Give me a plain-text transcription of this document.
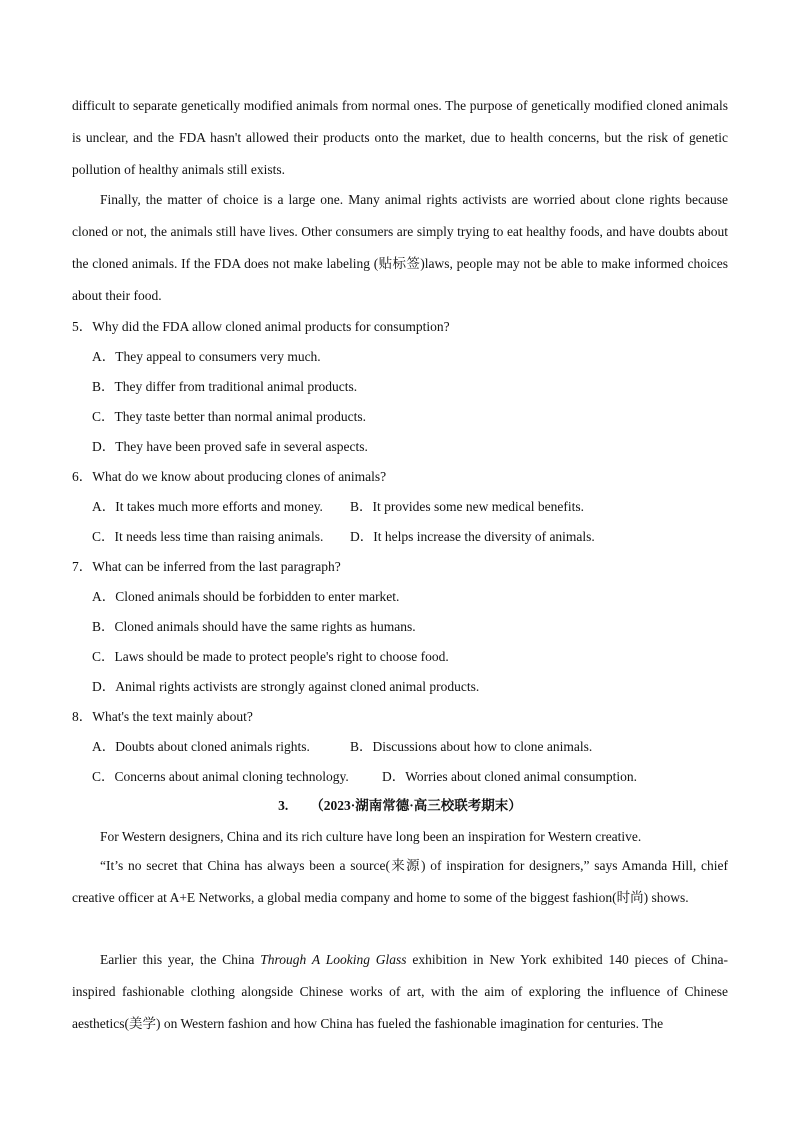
difficult to separate genetically modified animals from normal ones. The purpose of genetically modified cloned animals is unclear, and the FDA hasn't allowed their products onto the market, due to health concerns, but the risk of genetic pollution of healthy animals still exists.

Finally, the matter of choice is a large one. Many animal rights activists are worried about clone rights because cloned or not, the animals still have lives. Other consumers are simply trying to eat healthy foods, and have doubts about the cloned animals. If the FDA does not make labeling (贴标签)laws, people may not be able to make informed choices about their food.

5．Why did the FDA allow cloned animal products for consumption?
A．They appeal to consumers very much.
B．They differ from traditional animal products.
C．They taste better than normal animal products.
D．They have been proved safe in several aspects.
6．What do we know about producing clones of animals?
A．It takes much more efforts and money. B．It provides some new medical benefits.
C．It needs less time than raising animals. D．It helps increase the diversity of animals.
7．What can be inferred from the last paragraph?
A．Cloned animals should be forbidden to enter market.
B．Cloned animals should have the same rights as humans.
C．Laws should be made to protect people's right to choose food.
D．Animal rights activists are strongly against cloned animal products.
8．What's the text mainly about?
A．Doubts about cloned animals rights.	B．Discussions about how to clone animals.
C．Concerns about animal cloning technology. D．Worries about cloned animal consumption.
3. （2023·湖南常德·高三校联考期末）
For Western designers, China and its rich culture have long been an inspiration for Western creative.

“It’s no secret that China has always been a source(来源) of inspiration for designers,” says Amanda Hill, chief creative officer at A+E Networks, a global media company and home to some of the biggest fashion(时尚) shows.

Earlier this year, the China Through A Looking Glass exhibition in New York exhibited 140 pieces of China-inspired fashionable clothing alongside Chinese works of art, with the aim of exploring the influence of Chinese aesthetics(美学) on Western fashion and how China has fueled the fashionable imagination for centuries. The
